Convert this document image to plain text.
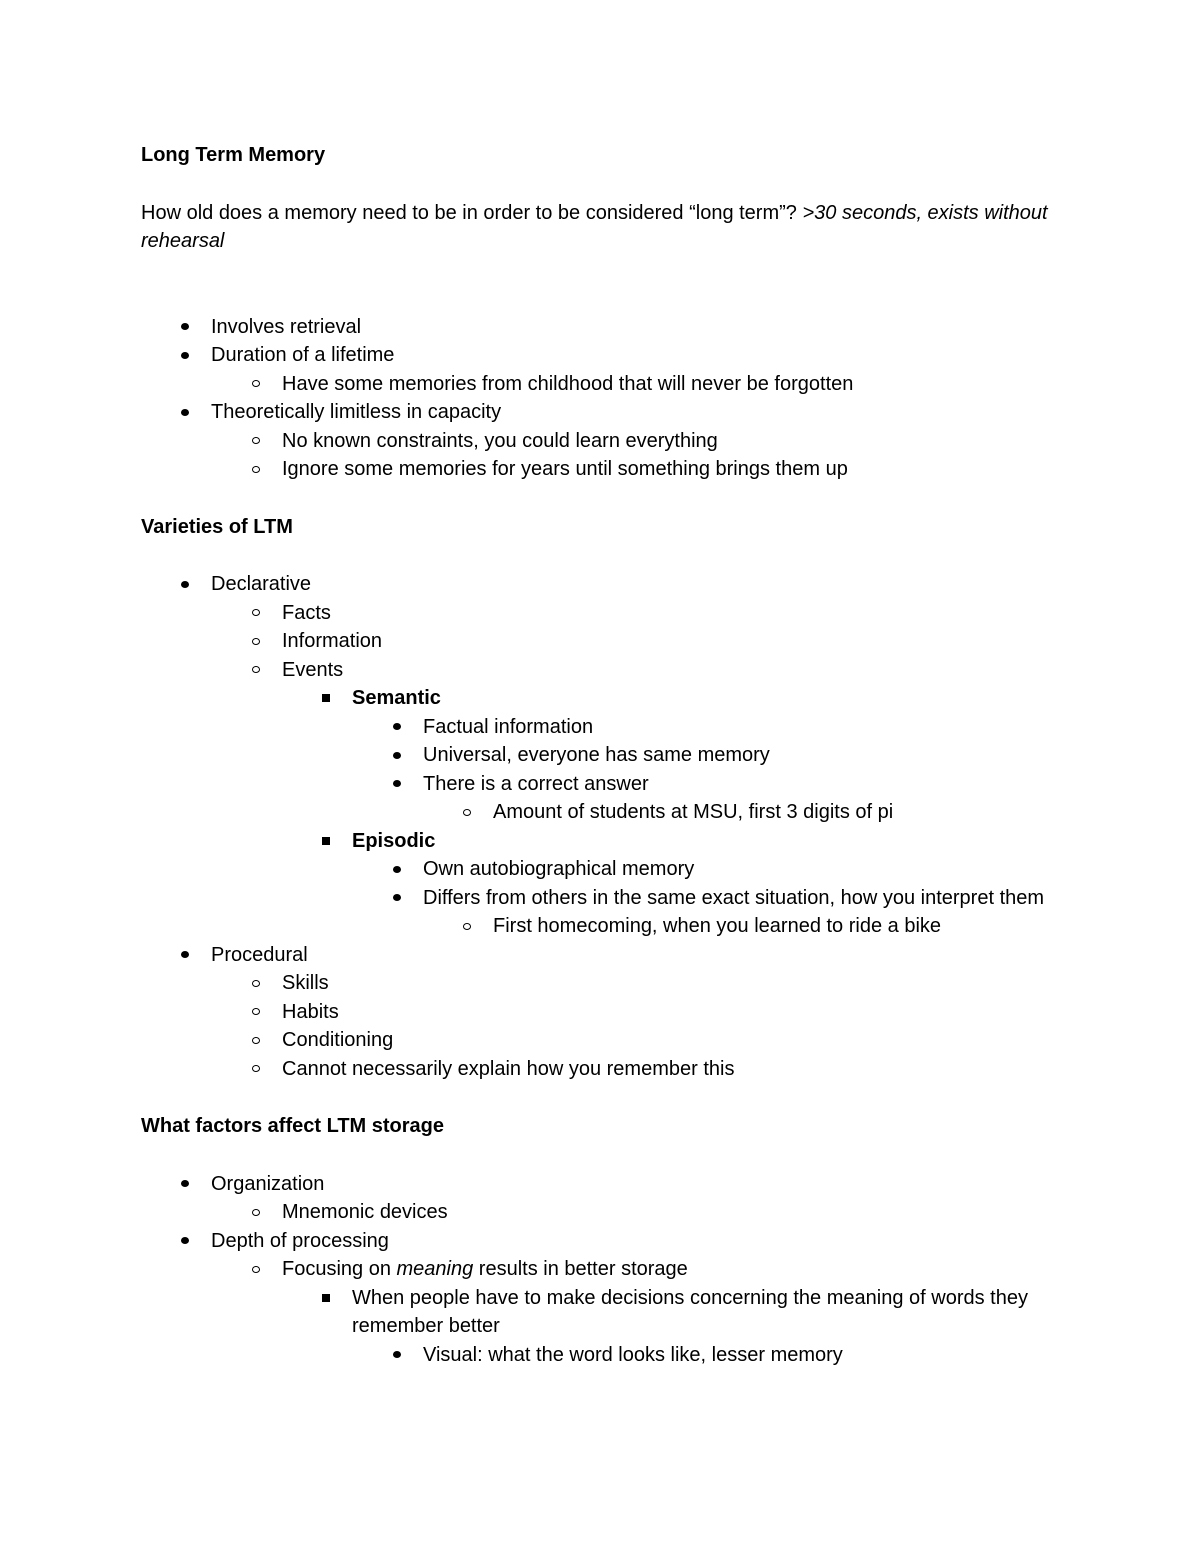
Long Term Memory
How old does a memory need to be in order to be considered “long term”? >30 seconds, exists without rehearsal
Involves retrieval
Duration of a lifetime
Have some memories from childhood that will never be forgotten
Theoretically limitless in capacity
No known constraints, you could learn everything
Ignore some memories for years until something brings them up
Varieties of LTM
Declarative
Facts
Information
Events
Semantic
Factual information
Universal, everyone has same memory
There is a correct answer
Amount of students at MSU, first 3 digits of pi
Episodic
Own autobiographical memory
Differs from others in the same exact situation, how you interpret them
First homecoming, when you learned to ride a bike
Procedural
Skills
Habits
Conditioning
Cannot necessarily explain how you remember this
What factors affect LTM storage
Organization
Mnemonic devices
Depth of processing
Focusing on meaning results in better storage
When people have to make decisions concerning the meaning of words they remember better
Visual: what the word looks like, lesser memory
